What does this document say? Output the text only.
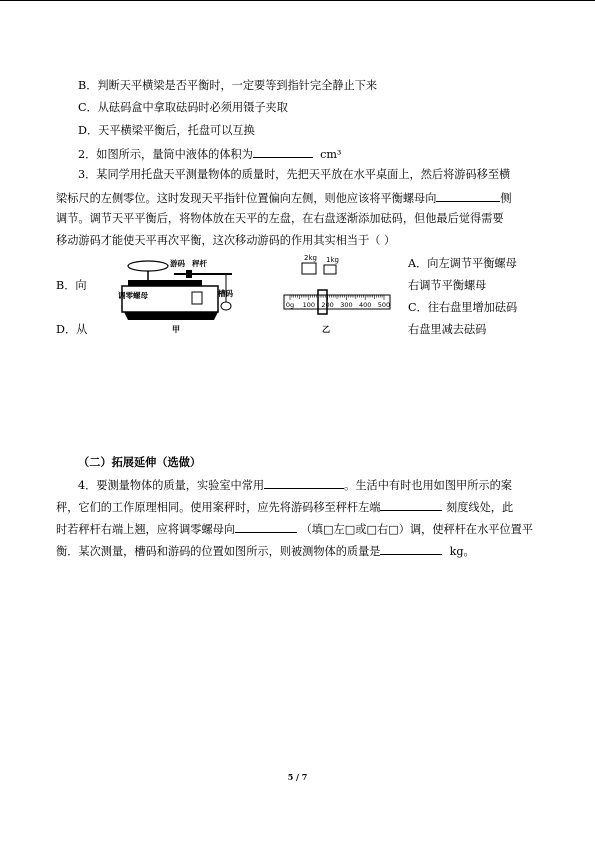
B．判断天平横梁是否平衡时，一定要等到指针完全静止下来
C．从砝码盒中拿取砝码时必须用镊子夹取
D．天平横梁平衡后，托盘可以互换
2．如图所示，量筒中液体的体积为	cm³
3．某同学用托盘天平测量物体的质量时，先把天平放在水平桌面上，然后将游码移至横
梁标尺的左侧零位。这时发现天平指针位置偏向左侧，则他应该将平衡螺母向	侧
调节。调节天平平衡后，将物体放在天平的左盘，在右盘逐渐添加砝码，但他最后觉得需要
移动游码才能使天平再次平衡，这次移动游码的作用其实相当于（ ）
B．向
D．从
A．向左调节平衡螺母
右调节平衡螺母
C．往右盘里增加砝码
右盘里减去砝码
调零螺母
游码 秤杆
槽码
甲
2kg 1kg
0g 100 200 300 400 500
乙
（二）拓展延伸（选做）
4．要测量物体的质量，实验室中常用	。生活中有时也用如图甲所示的案
秤，它们的工作原理相同。使用案秤时，应先将游码移至秤杆左端	刻度线处，此
时若秤杆右端上翘，应将调零螺母向	（填□左□或□右□）调，使秤杆在水平位置平
衡．某次测量，槽码和游码的位置如图所示，则被测物体的质量是	kg。
5 / 7
